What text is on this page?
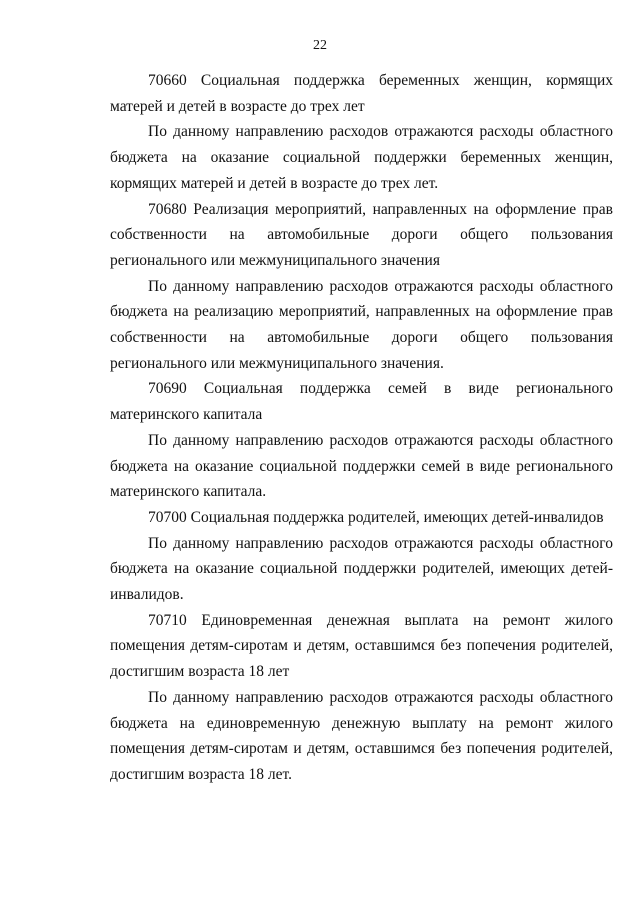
22

70660 Социальная поддержка беременных женщин, кормящих матерей и детей в возрасте до трех лет

По данному направлению расходов отражаются расходы областного бюджета на оказание социальной поддержки беременных женщин, кормящих матерей и детей в возрасте до трех лет.

70680 Реализация мероприятий, направленных на оформление прав собственности на автомобильные дороги общего пользования регионального или межмуниципального значения

По данному направлению расходов отражаются расходы областного бюджета на реализацию мероприятий, направленных на оформление прав собственности на автомобильные дороги общего пользования регионального или межмуниципального значения.

70690 Социальная поддержка семей в виде регионального материнского капитала

По данному направлению расходов отражаются расходы областного бюджета на оказание социальной поддержки семей в виде регионального материнского капитала.

70700 Социальная поддержка родителей, имеющих детей-инвалидов

По данному направлению расходов отражаются расходы областного бюджета на оказание социальной поддержки родителей, имеющих детей-инвалидов.

70710 Единовременная денежная выплата на ремонт жилого помещения детям-сиротам и детям, оставшимся без попечения родителей, достигшим возраста 18 лет

По данному направлению расходов отражаются расходы областного бюджета на единовременную денежную выплату на ремонт жилого помещения детям-сиротам и детям, оставшимся без попечения родителей, достигшим возраста 18 лет.
